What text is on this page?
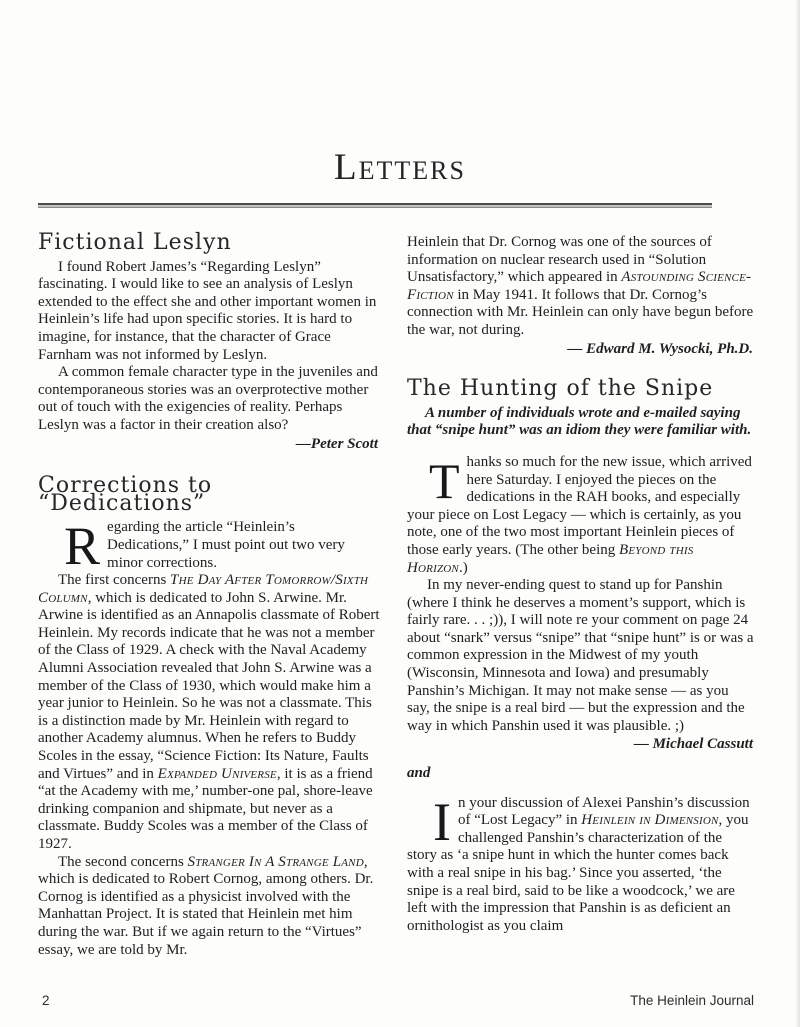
LETTERS
Fictional Leslyn

I found Robert James’s “Regarding Leslyn” fascinating. I would like to see an analysis of Leslyn extended to the effect she and other important women in Heinlein’s life had upon specific stories. It is hard to imagine, for instance, that the character of Grace Farnham was not informed by Leslyn.

A common female character type in the juveniles and contemporaneous stories was an overprotective mother out of touch with the exigencies of reality. Perhaps Leslyn was a factor in their creation also?

—Peter Scott

Corrections to “Dedications”

Regarding the article “Heinlein’s Dedications,” I must point out two very minor corrections.

The first concerns The Day After Tomorrow/Sixth Column, which is dedicated to John S. Arwine. Mr. Arwine is identified as an Annapolis classmate of Robert Heinlein. My records indicate that he was not a member of the Class of 1929. A check with the Naval Academy Alumni Association revealed that John S. Arwine was a member of the Class of 1930, which would make him a year junior to Heinlein. So he was not a classmate. This is a distinction made by Mr. Heinlein with regard to another Academy alumnus. When he refers to Buddy Scoles in the essay, “Science Fiction: Its Nature, Faults and Virtues” and in Expanded Universe, it is as a friend “at the Academy with me,’ number-one pal, shore-leave drinking companion and shipmate, but never as a classmate. Buddy Scoles was a member of the Class of 1927.

The second concerns Stranger In A Strange Land, which is dedicated to Robert Cornog, among others. Dr. Cornog is identified as a physicist involved with the Manhattan Project. It is stated that Heinlein met him during the war. But if we again return to the “Virtues” essay, we are told by Mr.

Heinlein that Dr. Cornog was one of the sources of information on nuclear research used in “Solution Unsatisfactory,” which appeared in Astounding Science-Fiction in May 1941. It follows that Dr. Cornog’s connection with Mr. Heinlein can only have begun before the war, not during.

— Edward M. Wysocki, Ph.D.

The Hunting of the Snipe

A number of individuals wrote and e-mailed saying that “snipe hunt” was an idiom they were familiar with.

Thanks so much for the new issue, which arrived here Saturday. I enjoyed the pieces on the dedications in the RAH books, and especially your piece on Lost Legacy — which is certainly, as you note, one of the two most important Heinlein pieces of those early years. (The other being Beyond this Horizon.)

In my never-ending quest to stand up for Panshin (where I think he deserves a moment’s support, which is fairly rare. . . ;)), I will note re your comment on page 24 about “snark” versus “snipe” that “snipe hunt” is or was a common expression in the Midwest of my youth (Wisconsin, Minnesota and Iowa) and presumably Panshin’s Michigan. It may not make sense — as you say, the snipe is a real bird — but the expression and the way in which Panshin used it was plausible. ;)

— Michael Cassutt

and

In your discussion of Alexei Panshin’s discussion of “Lost Legacy” in Heinlein in Dimension, you challenged Panshin’s characterization of the story as ‘a snipe hunt in which the hunter comes back with a real snipe in his bag.’ Since you asserted, ‘the snipe is a real bird, said to be like a woodcock,’ we are left with the impression that Panshin is as deficient an ornithologist as you claim

2	The Heinlein Journal
